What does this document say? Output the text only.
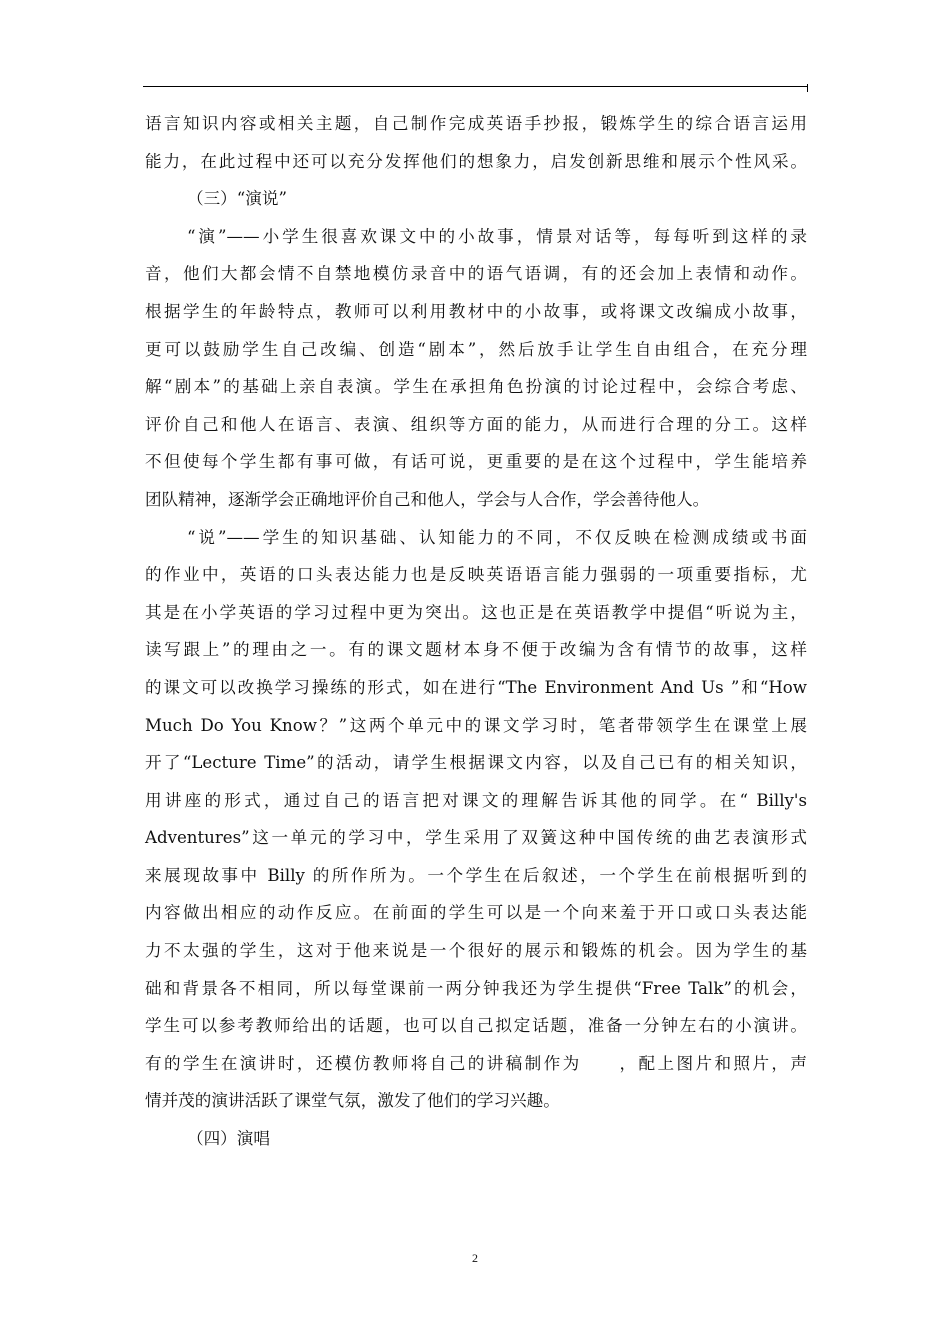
语言知识内容或相关主题，自己制作完成英语手抄报，锻炼学生的综合语言运用
能力，在此过程中还可以充分发挥他们的想象力，启发创新思维和展示个性风采。
（三）“演说”
“演”——小学生很喜欢课文中的小故事，情景对话等，每每听到这样的录
音，他们大都会情不自禁地模仿录音中的语气语调，有的还会加上表情和动作。
根据学生的年龄特点，教师可以利用教材中的小故事，或将课文改编成小故事，
更可以鼓励学生自己改编、创造“剧本”，然后放手让学生自由组合，在充分理
解“剧本”的基础上亲自表演。学生在承担角色扮演的讨论过程中，会综合考虑、
评价自己和他人在语言、表演、组织等方面的能力，从而进行合理的分工。这样
不但使每个学生都有事可做，有话可说，更重要的是在这个过程中，学生能培养
团队精神，逐渐学会正确地评价自己和他人，学会与人合作，学会善待他人。
“说”——学生的知识基础、认知能力的不同，不仅反映在检测成绩或书面
的作业中，英语的口头表达能力也是反映英语语言能力强弱的一项重要指标，尤
其是在小学英语的学习过程中更为突出。这也正是在英语教学中提倡“听说为主，
读写跟上”的理由之一。有的课文题材本身不便于改编为含有情节的故事，这样
的课文可以改换学习操练的形式，如在进行“The Environment And Us ”和“How
Much Do You Know？”这两个单元中的课文学习时，笔者带领学生在课堂上展
开了“Lecture Time”的活动，请学生根据课文内容，以及自己已有的相关知识，
用讲座的形式，通过自己的语言把对课文的理解告诉其他的同学。在“ Billy's
Adventures”这一单元的学习中，学生采用了双簧这种中国传统的曲艺表演形式
来展现故事中 Billy 的所作所为。一个学生在后叙述，一个学生在前根据听到的
内容做出相应的动作反应。在前面的学生可以是一个向来羞于开口或口头表达能
力不太强的学生，这对于他来说是一个很好的展示和锻炼的机会。因为学生的基
础和背景各不相同，所以每堂课前一两分钟我还为学生提供“Free Talk”的机会，
学生可以参考教师给出的话题，也可以自己拟定话题，准备一分钟左右的小演讲。
有的学生在演讲时，还模仿教师将自己的讲稿制作为　　，配上图片和照片，声
情并茂的演讲活跃了课堂气氛，激发了他们的学习兴趣。
（四）演唱
2
